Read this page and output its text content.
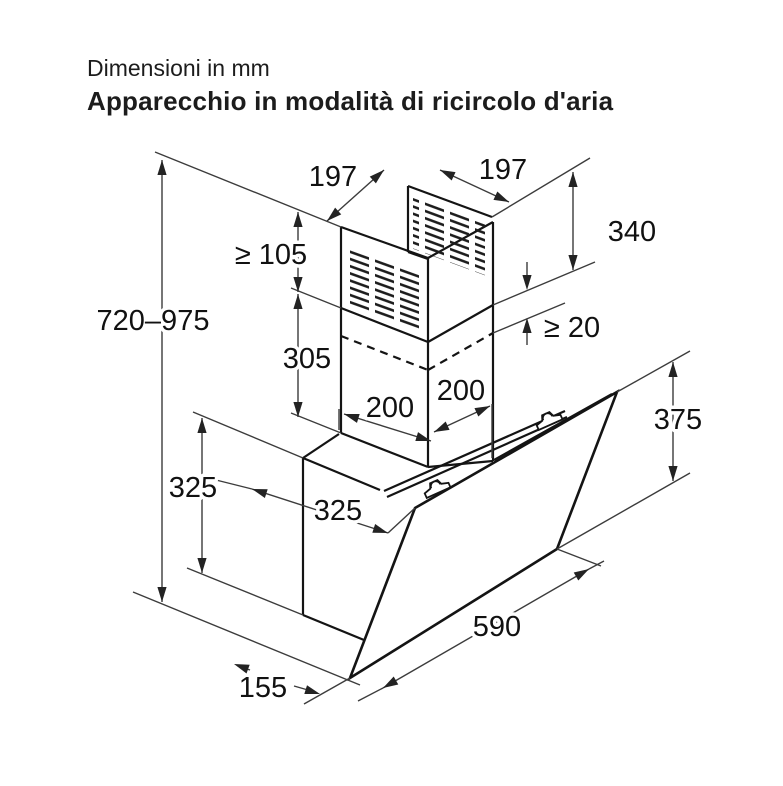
Dimensioni in mm
Apparecchio in modalità di ricircolo d'aria
197	197
340
≥ 20
720–975
≥ 105
305
200
200
325
325
375
590
155
